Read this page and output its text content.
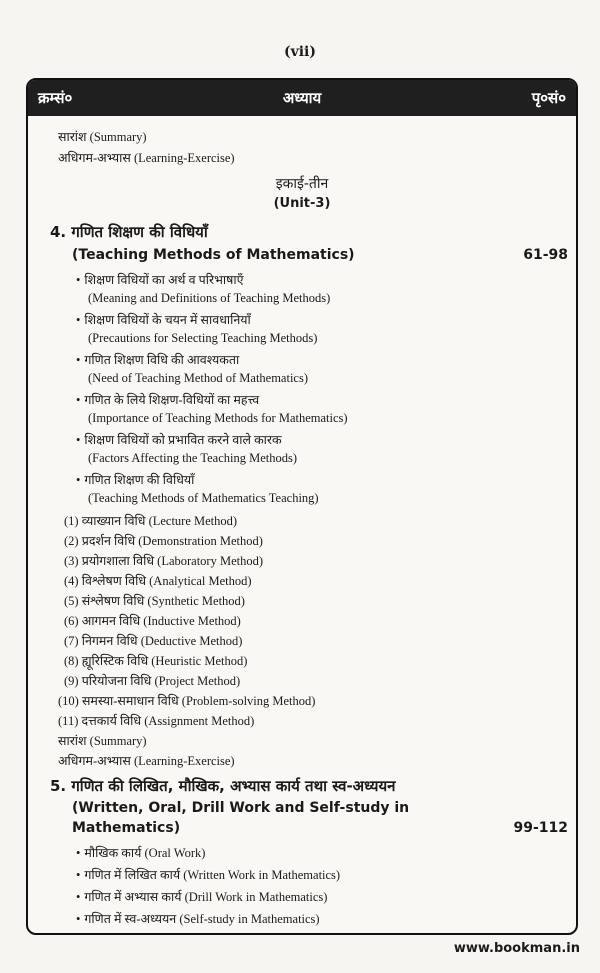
(vii)
क्रम्सं०	अध्याय	पृ०सं०
सारांश (Summary)
अधिगम-अभ्यास (Learning-Exercise)
इकाई-तीन
(Unit-3)
4. गणित शिक्षण की विधियाँ
(Teaching Methods of Mathematics)	61-98
• शिक्षण विधियों का अर्थ व परिभाषाएँ
(Meaning and Definitions of Teaching Methods)
• शिक्षण विधियों के चयन में सावधानियाँ
(Precautions for Selecting Teaching Methods)
• गणित शिक्षण विधि की आवश्यकता
(Need of Teaching Method of Mathematics)
• गणित के लिये शिक्षण-विधियों का महत्त्व
(Importance of Teaching Methods for Mathematics)
• शिक्षण विधियों को प्रभावित करने वाले कारक
(Factors Affecting the Teaching Methods)
• गणित शिक्षण की विधियाँ
(Teaching Methods of Mathematics Teaching)
(1) व्याख्यान विधि (Lecture Method)
(2) प्रदर्शन विधि (Demonstration Method)
(3) प्रयोगशाला विधि (Laboratory Method)
(4) विश्लेषण विधि (Analytical Method)
(5) संश्लेषण विधि (Synthetic Method)
(6) आगमन विधि (Inductive Method)
(7) निगमन विधि (Deductive Method)
(8) ह्यूरिस्टिक विधि (Heuristic Method)
(9) परियोजना विधि (Project Method)
(10) समस्या-समाधान विधि (Problem-solving Method)
(11) दत्तकार्य विधि (Assignment Method)
सारांश (Summary)
अधिगम-अभ्यास (Learning-Exercise)
5. गणित की लिखित, मौखिक, अभ्यास कार्य तथा स्व-अध्ययन
(Written, Oral, Drill Work and Self-study in
Mathematics)	99-112
• मौखिक कार्य (Oral Work)
• गणित में लिखित कार्य (Written Work in Mathematics)
• गणित में अभ्यास कार्य (Drill Work in Mathematics)
• गणित में स्व-अध्ययन (Self-study in Mathematics)
www.bookman.in
